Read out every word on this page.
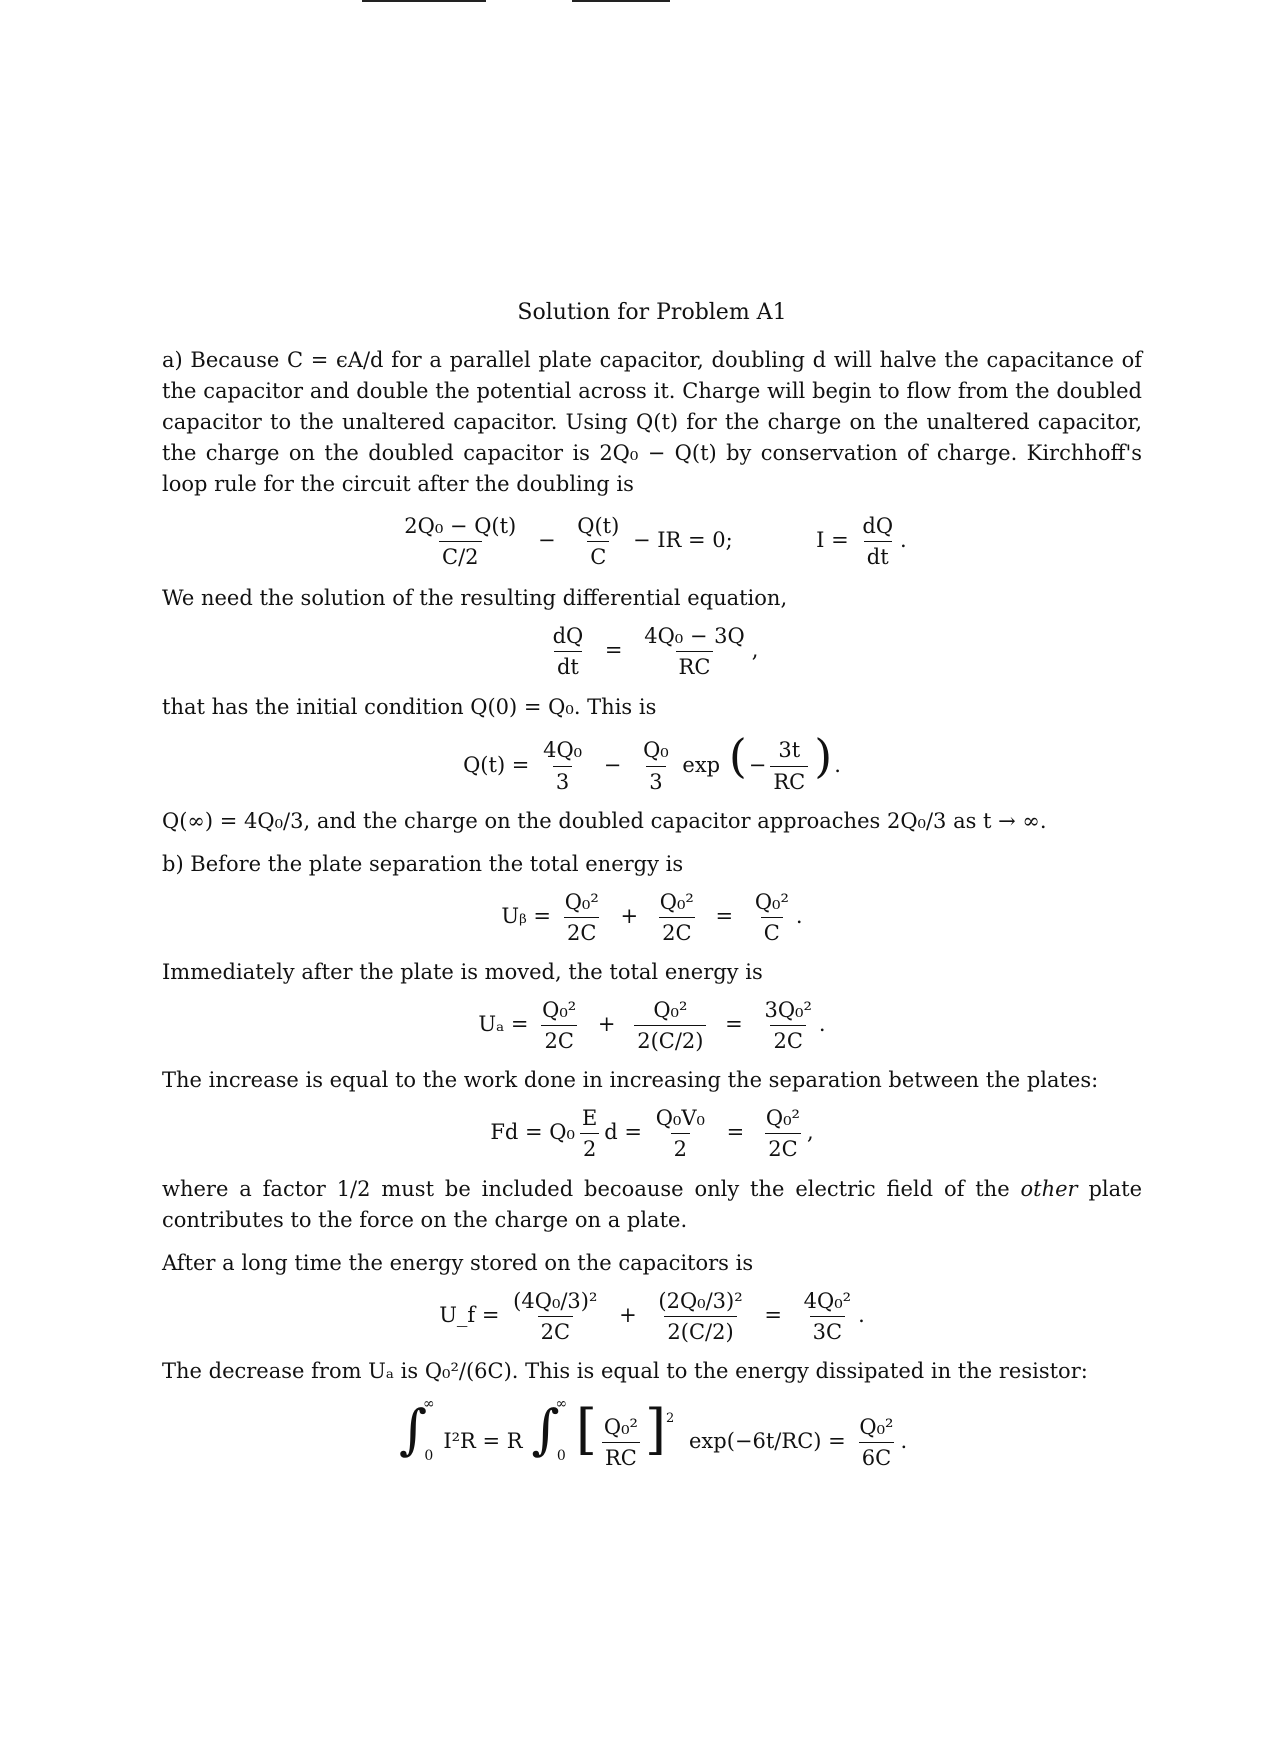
Solution for Problem A1

a) Because C = ϵA/d for a parallel plate capacitor, doubling d will halve the capacitance of the capacitor and double the potential across it. Charge will begin to flow from the doubled capacitor to the unaltered capacitor. Using Q(t) for the charge on the unaltered capacitor, the charge on the doubled capacitor is 2Q₀ − Q(t) by conservation of charge. Kirchhoff's loop rule for the circuit after the doubling is

$\frac{\text{2Q₀ − Q(t)}}{C/2} - \frac{Q(t)}{C}$ − IR = 0;	$I = \frac{dQ}{dt}$ .

We need the solution of the resulting differential equation,

$\frac{dQ}{dt} = \frac{\text{4Q₀ − 3Q}}{RC}$ ,

that has the initial condition Q(0) = Q₀. This is

$Q(t) = \frac{\text{4Q₀}}{3} - \frac{\text{Q₀}}{3}$ exp (− $\frac{3t}{RC}$ ).

Q(∞) = 4Q₀/3, and the charge on the doubled capacitor approaches 2Q₀/3 as t → ∞.

b) Before the plate separation the total energy is

Uᵦ = $\frac{\text{Q₀²}}{2C} + \frac{\text{Q₀²}}{2C} = \frac{\text{Q₀²}}{C}$ .

Immediately after the plate is moved, the total energy is

$U_a = \frac{\text{Q₀²}}{2C} + \frac{\text{Q₀²}}{2(C/2)} = \frac{\text{3Q₀²}}{2C}$ .

The increase is equal to the work done in increasing the separation between the plates:

$Fd = Q_0 \frac{E}{2}$ $d = \frac{\text{Q₀V₀}}{2} = \frac{\text{Q₀²}}{2C}$ ,

where a factor 1/2 must be included becoause only the electric field of the other plate contributes to the force on the charge on a plate.

After a long time the energy stored on the capacitors is

U_f = $\frac{\text{(4Q₀/3)²}}{2C} + \frac{\text{(2Q₀/3)²}}{2(C/2)} = \frac{\text{4Q₀²}}{3C}$ .

The decrease from Uₐ is Q₀²/(6C). This is equal to the energy dissipated in the resistor:

∫
∞
0
I²R = R ∫
∞
0 [ $\frac{\text{Q₀²}}{RC} ]^2$ $\exp(-6t/RC) = \frac{\text{Q₀²}}{6C}$ .
